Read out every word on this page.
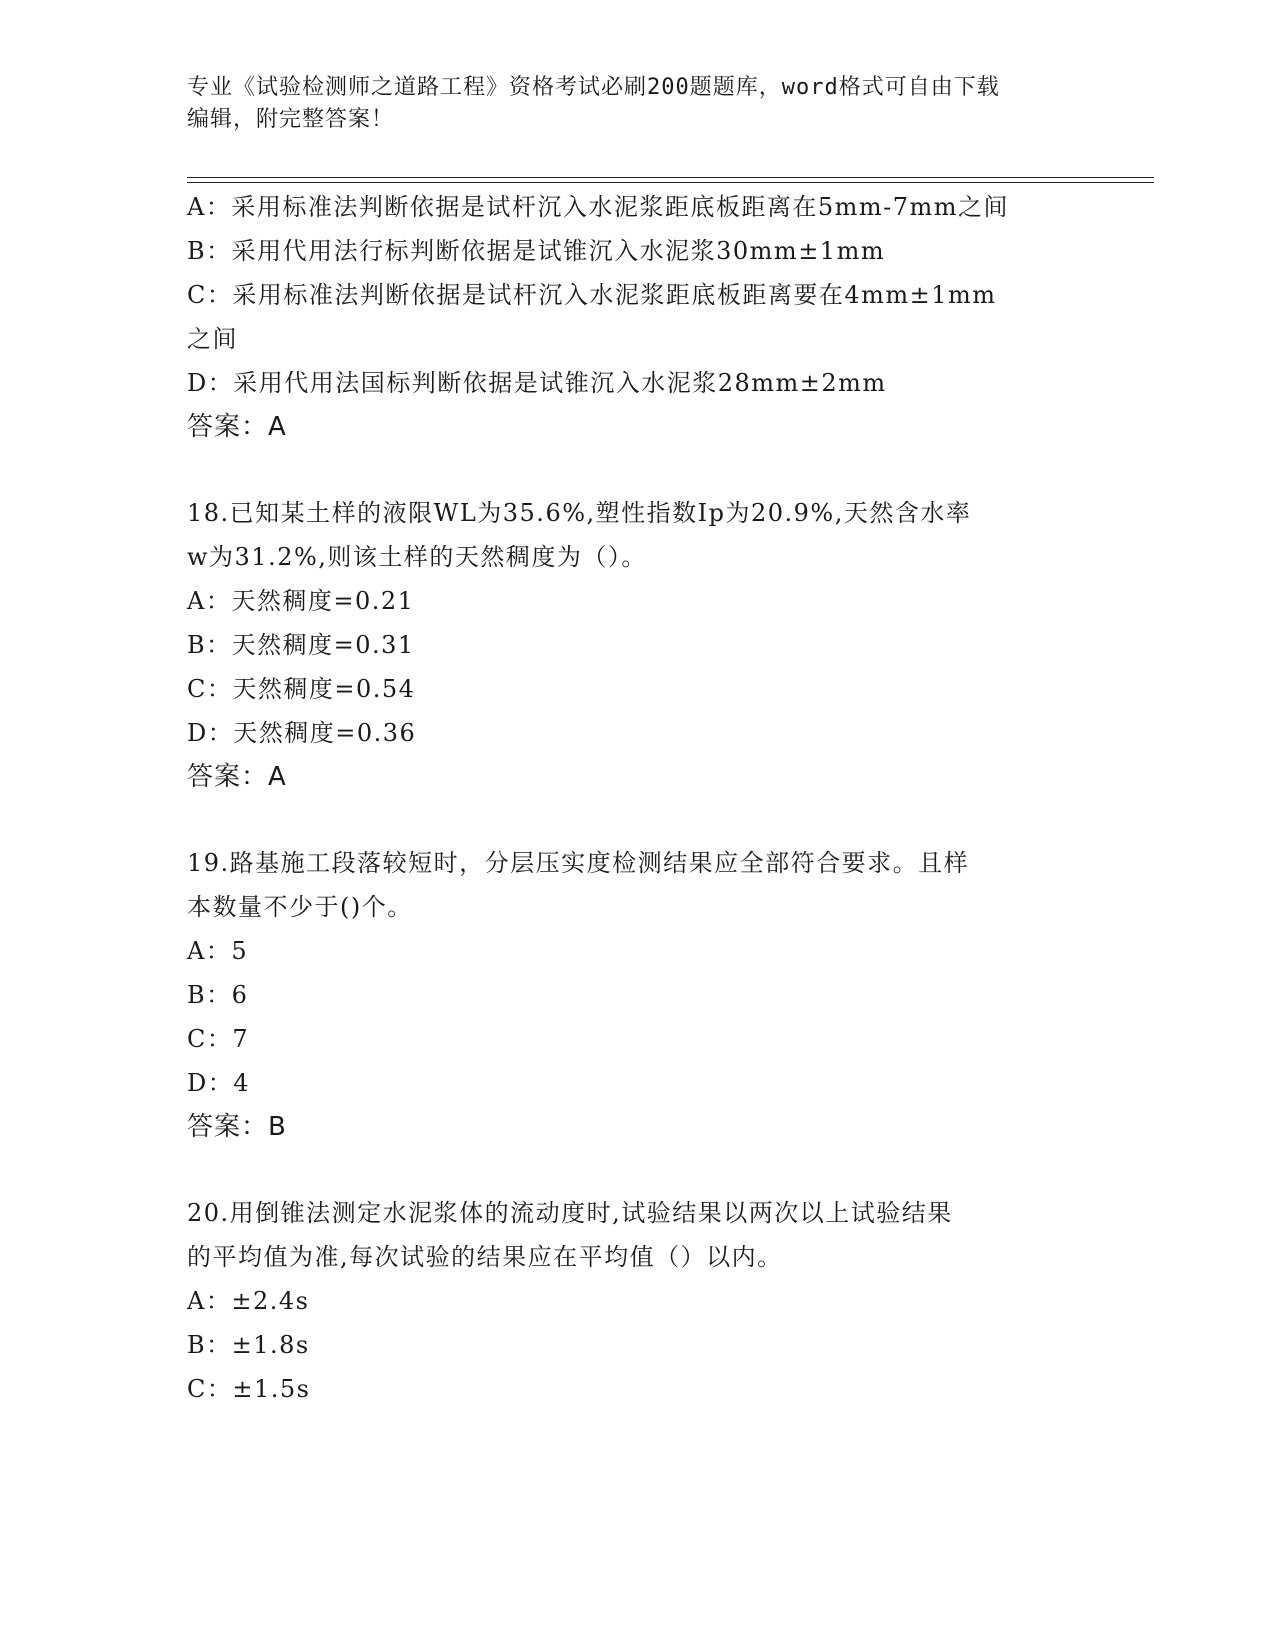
专业《试验检测师之道路工程》资格考试必刷200题题库，word格式可自由下载
编辑，附完整答案！
A：采用标准法判断依据是试杆沉入水泥浆距底板距离在5mm-7mm之间
B：采用代用法行标判断依据是试锥沉入水泥浆30mm±1mm
C：采用标准法判断依据是试杆沉入水泥浆距底板距离要在4mm±1mm
之间
D：采用代用法国标判断依据是试锥沉入水泥浆28mm±2mm
答案：A
18.已知某土样的液限WL为35.6%,塑性指数Ip为20.9%,天然含水率
w为31.2%,则该土样的天然稠度为（）。
A：天然稠度=0.21
B：天然稠度=0.31
C：天然稠度=0.54
D：天然稠度=0.36
答案：A
19.路基施工段落较短时，分层压实度检测结果应全部符合要求。且样
本数量不少于()个。
A：5
B：6
C：7
D：4
答案：B
20.用倒锥法测定水泥浆体的流动度时,试验结果以两次以上试验结果
的平均值为准,每次试验的结果应在平均值（）以内。
A：±2.4s
B：±1.8s
C：±1.5s
